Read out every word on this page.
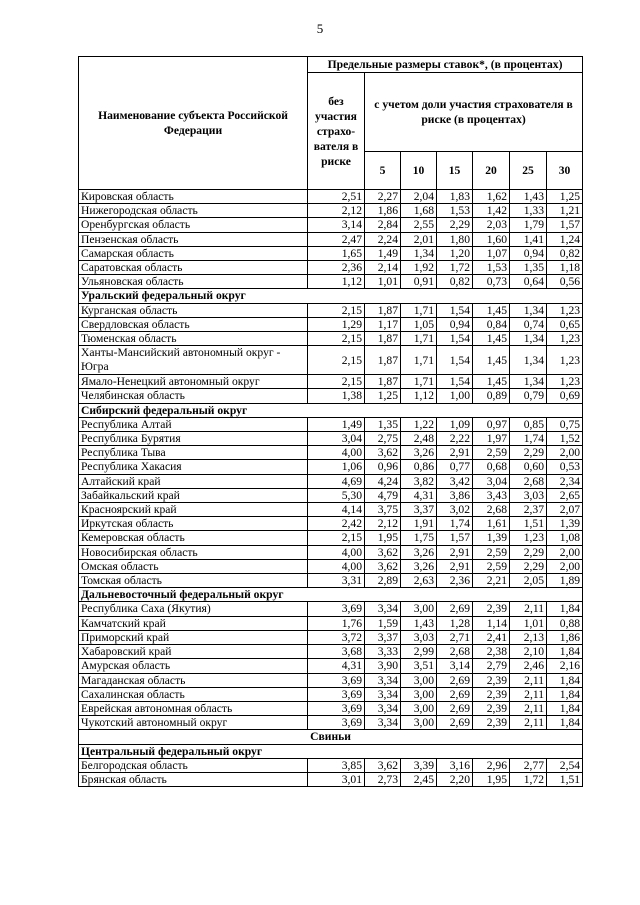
5
Наименование субъекта Российской Федерации	Предельные размеры ставок*, (в процентах)						
	без участия страхо-вателя в риске	с учетом доли участия страхователя в риске (в процентах)					
		5	10	15	20	25	30
Кировская область	2,51	2,27	2,04	1,83	1,62	1,43	1,25
Нижегородская область	2,12	1,86	1,68	1,53	1,42	1,33	1,21
Оренбургская область	3,14	2,84	2,55	2,29	2,03	1,79	1,57
Пензенская область	2,47	2,24	2,01	1,80	1,60	1,41	1,24
Самарская область	1,65	1,49	1,34	1,20	1,07	0,94	0,82
Саратовская область	2,36	2,14	1,92	1,72	1,53	1,35	1,18
Ульяновская область	1,12	1,01	0,91	0,82	0,73	0,64	0,56
Уральский федеральный округ							
Курганская область	2,15	1,87	1,71	1,54	1,45	1,34	1,23
Свердловская область	1,29	1,17	1,05	0,94	0,84	0,74	0,65
Тюменская область	2,15	1,87	1,71	1,54	1,45	1,34	1,23
Ханты-Мансийский автономный округ - Югра	2,15	1,87	1,71	1,54	1,45	1,34	1,23
Ямало-Ненецкий автономный округ	2,15	1,87	1,71	1,54	1,45	1,34	1,23
Челябинская область	1,38	1,25	1,12	1,00	0,89	0,79	0,69
Сибирский федеральный округ							
Республика Алтай	1,49	1,35	1,22	1,09	0,97	0,85	0,75
Республика Бурятия	3,04	2,75	2,48	2,22	1,97	1,74	1,52
Республика Тыва	4,00	3,62	3,26	2,91	2,59	2,29	2,00
Республика Хакасия	1,06	0,96	0,86	0,77	0,68	0,60	0,53
Алтайский край	4,69	4,24	3,82	3,42	3,04	2,68	2,34
Забайкальский край	5,30	4,79	4,31	3,86	3,43	3,03	2,65
Красноярский край	4,14	3,75	3,37	3,02	2,68	2,37	2,07
Иркутская область	2,42	2,12	1,91	1,74	1,61	1,51	1,39
Кемеровская область	2,15	1,95	1,75	1,57	1,39	1,23	1,08
Новосибирская область	4,00	3,62	3,26	2,91	2,59	2,29	2,00
Омская область	4,00	3,62	3,26	2,91	2,59	2,29	2,00
Томская область	3,31	2,89	2,63	2,36	2,21	2,05	1,89
Дальневосточный федеральный округ							
Республика Саха (Якутия)	3,69	3,34	3,00	2,69	2,39	2,11	1,84
Камчатский край	1,76	1,59	1,43	1,28	1,14	1,01	0,88
Приморский край	3,72	3,37	3,03	2,71	2,41	2,13	1,86
Хабаровский край	3,68	3,33	2,99	2,68	2,38	2,10	1,84
Амурская область	4,31	3,90	3,51	3,14	2,79	2,46	2,16
Магаданская область	3,69	3,34	3,00	2,69	2,39	2,11	1,84
Сахалинская область	3,69	3,34	3,00	2,69	2,39	2,11	1,84
Еврейская автономная область	3,69	3,34	3,00	2,69	2,39	2,11	1,84
Чукотский автономный округ	3,69	3,34	3,00	2,69	2,39	2,11	1,84
Свиньи							
Центральный федеральный округ							
Белгородская область	3,85	3,62	3,39	3,16	2,96	2,77	2,54
Брянская область	3,01	2,73	2,45	2,20	1,95	1,72	1,51
